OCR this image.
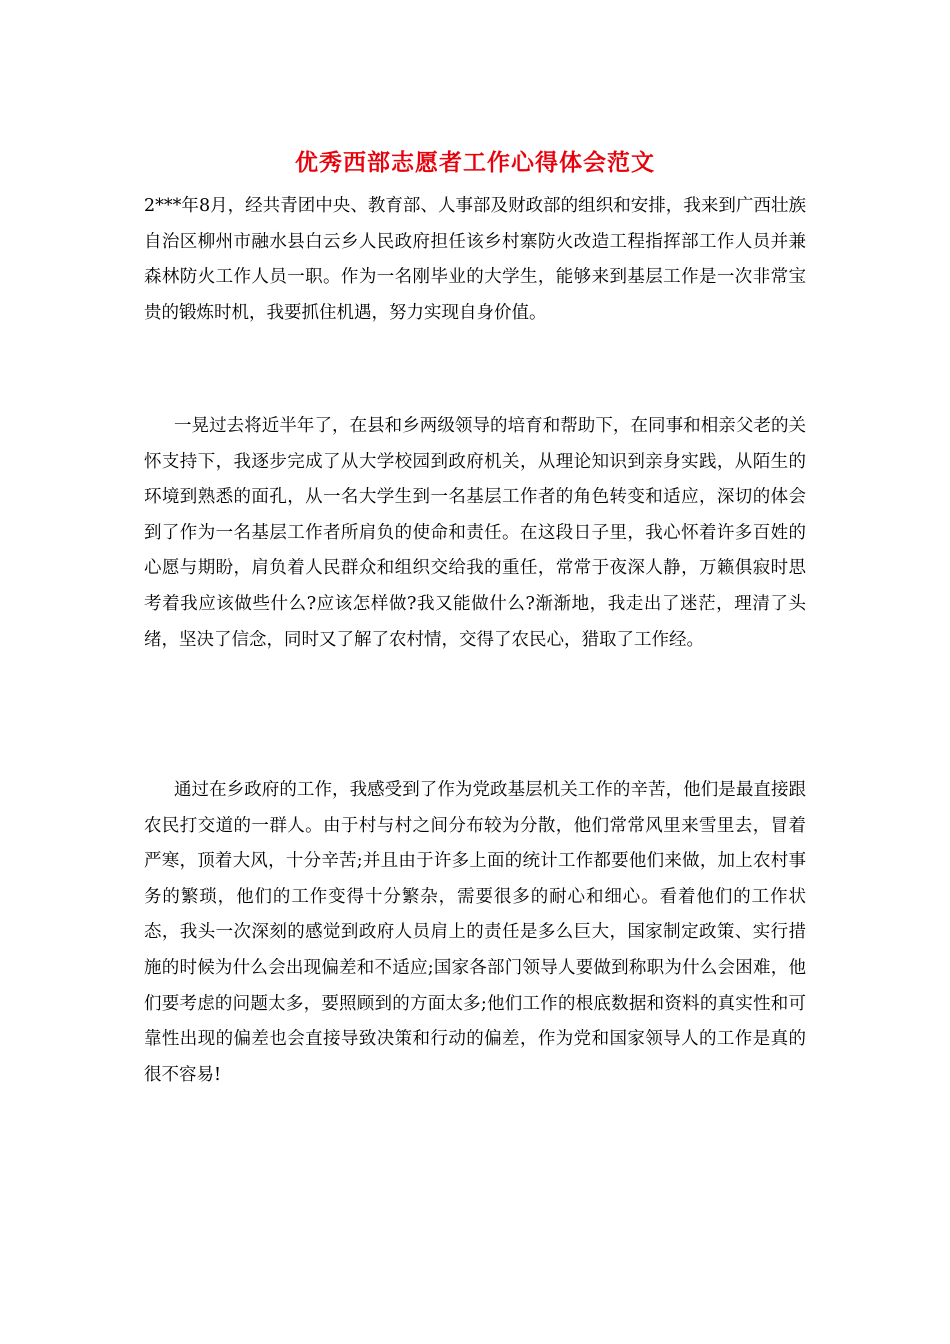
优秀西部志愿者工作心得体会范文

2***年8月，经共青团中央、教育部、人事部及财政部的组织和安排，我来到广西壮族自治区柳州市融水县白云乡人民政府担任该乡村寨防火改造工程指挥部工作人员并兼森林防火工作人员一职。作为一名刚毕业的大学生，能够来到基层工作是一次非常宝贵的锻炼时机，我要抓住机遇，努力实现自身价值。

一晃过去将近半年了，在县和乡两级领导的培育和帮助下，在同事和相亲父老的关怀支持下，我逐步完成了从大学校园到政府机关，从理论知识到亲身实践，从陌生的环境到熟悉的面孔，从一名大学生到一名基层工作者的角色转变和适应，深切的体会到了作为一名基层工作者所肩负的使命和责任。在这段日子里，我心怀着许多百姓的心愿与期盼，肩负着人民群众和组织交给我的重任，常常于夜深人静，万籁俱寂时思考着我应该做些什么?应该怎样做?我又能做什么?渐渐地，我走出了迷茫，理清了头绪，坚决了信念，同时又了解了农村情，交得了农民心，猎取了工作经。

通过在乡政府的工作，我感受到了作为党政基层机关工作的辛苦，他们是最直接跟农民打交道的一群人。由于村与村之间分布较为分散，他们常常风里来雪里去，冒着严寒，顶着大风，十分辛苦;并且由于许多上面的统计工作都要他们来做，加上农村事务的繁琐，他们的工作变得十分繁杂，需要很多的耐心和细心。看着他们的工作状态，我头一次深刻的感觉到政府人员肩上的责任是多么巨大，国家制定政策、实行措施的时候为什么会出现偏差和不适应;国家各部门领导人要做到称职为什么会困难，他们要考虑的问题太多，要照顾到的方面太多;他们工作的根底数据和资料的真实性和可靠性出现的偏差也会直接导致决策和行动的偏差，作为党和国家领导人的工作是真的很不容易!
